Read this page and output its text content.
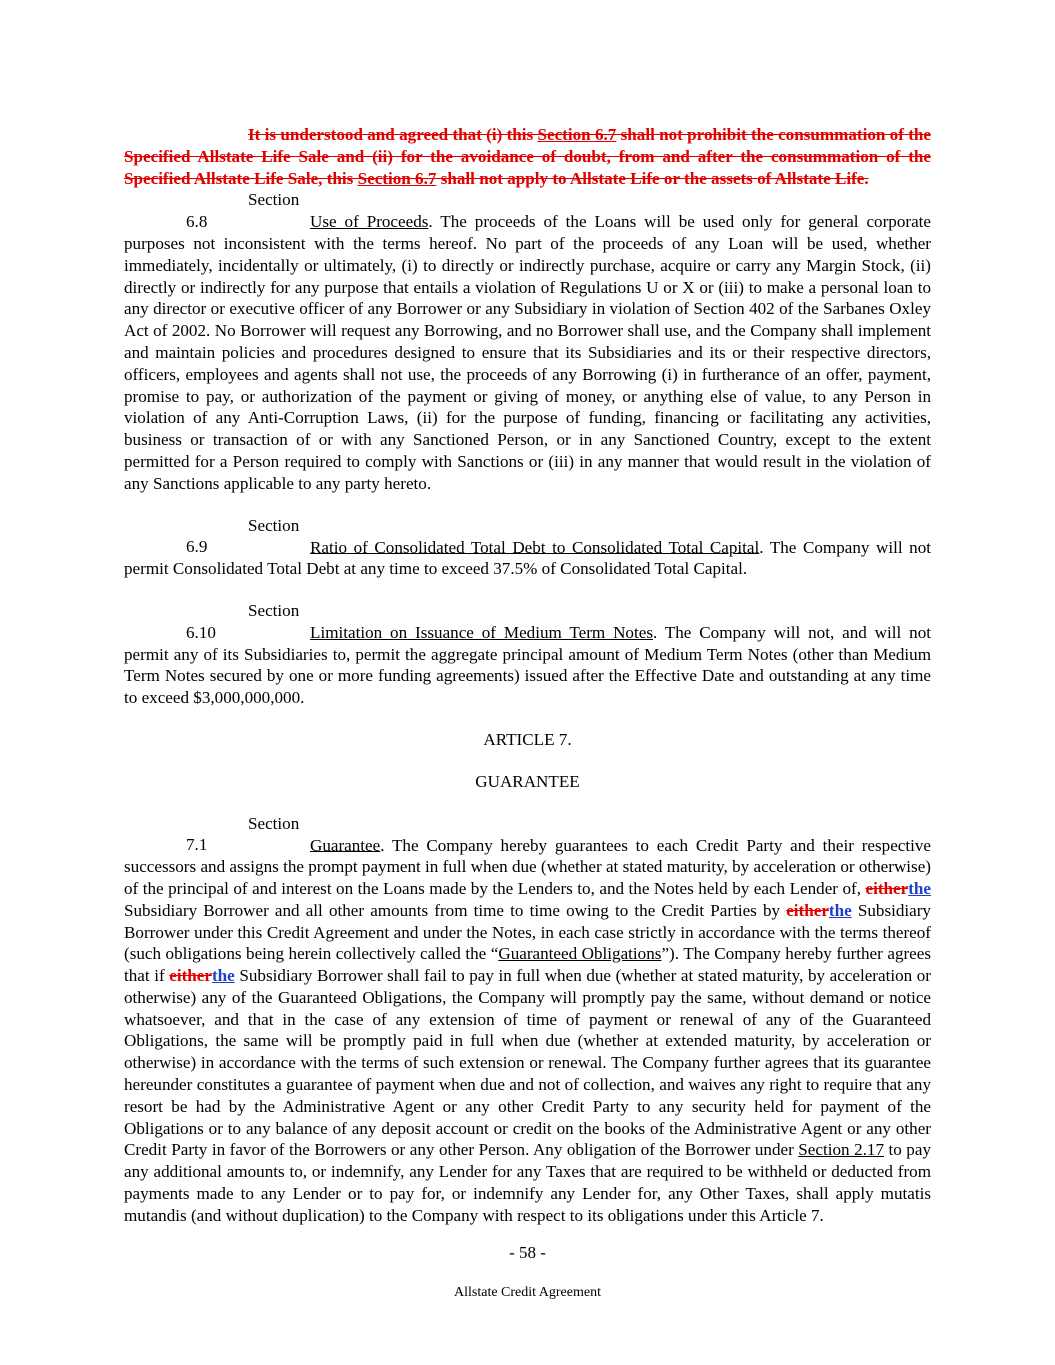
It is understood and agreed that (i) this Section 6.7 shall not prohibit the consummation of the Specified Allstate Life Sale and (ii) for the avoidance of doubt, from and after the consummation of the Specified Allstate Life Sale, this Section 6.7 shall not apply to Allstate Life or the assets of Allstate Life.

Section 6.8	Use of Proceeds. The proceeds of the Loans will be used only for general corporate purposes not inconsistent with the terms hereof. No part of the proceeds of any Loan will be used, whether immediately, incidentally or ultimately, (i) to directly or indirectly purchase, acquire or carry any Margin Stock, (ii) directly or indirectly for any purpose that entails a violation of Regulations U or X or (iii) to make a personal loan to any director or executive officer of any Borrower or any Subsidiary in violation of Section 402 of the Sarbanes Oxley Act of 2002. No Borrower will request any Borrowing, and no Borrower shall use, and the Company shall implement and maintain policies and procedures designed to ensure that its Subsidiaries and its or their respective directors, officers, employees and agents shall not use, the proceeds of any Borrowing (i) in furtherance of an offer, payment, promise to pay, or authorization of the payment or giving of money, or anything else of value, to any Person in violation of any Anti-Corruption Laws, (ii) for the purpose of funding, financing or facilitating any activities, business or transaction of or with any Sanctioned Person, or in any Sanctioned Country, except to the extent permitted for a Person required to comply with Sanctions or (iii) in any manner that would result in the violation of any Sanctions applicable to any party hereto.

Section 6.9	Ratio of Consolidated Total Debt to Consolidated Total Capital. The Company will not permit Consolidated Total Debt at any time to exceed 37.5% of Consolidated Total Capital.

Section 6.10	Limitation on Issuance of Medium Term Notes. The Company will not, and will not permit any of its Subsidiaries to, permit the aggregate principal amount of Medium Term Notes (other than Medium Term Notes secured by one or more funding agreements) issued after the Effective Date and outstanding at any time to exceed $3,000,000,000.

ARTICLE 7.

GUARANTEE

Section 7.1	Guarantee. The Company hereby guarantees to each Credit Party and their respective successors and assigns the prompt payment in full when due (whether at stated maturity, by acceleration or otherwise) of the principal of and interest on the Loans made by the Lenders to, and the Notes held by each Lender of, eitherthe Subsidiary Borrower and all other amounts from time to time owing to the Credit Parties by eitherthe Subsidiary Borrower under this Credit Agreement and under the Notes, in each case strictly in accordance with the terms thereof (such obligations being herein collectively called the “Guaranteed Obligations”). The Company hereby further agrees that if eitherthe Subsidiary Borrower shall fail to pay in full when due (whether at stated maturity, by acceleration or otherwise) any of the Guaranteed Obligations, the Company will promptly pay the same, without demand or notice whatsoever, and that in the case of any extension of time of payment or renewal of any of the Guaranteed Obligations, the same will be promptly paid in full when due (whether at extended maturity, by acceleration or otherwise) in accordance with the terms of such extension or renewal. The Company further agrees that its guarantee hereunder constitutes a guarantee of payment when due and not of collection, and waives any right to require that any resort be had by the Administrative Agent or any other Credit Party to any security held for payment of the Obligations or to any balance of any deposit account or credit on the books of the Administrative Agent or any other Credit Party in favor of the Borrowers or any other Person. Any obligation of the Borrower under Section 2.17 to pay any additional amounts to, or indemnify, any Lender for any Taxes that are required to be withheld or deducted from payments made to any Lender or to pay for, or indemnify any Lender for, any Other Taxes, shall apply mutatis mutandis (and without duplication) to the Company with respect to its obligations under this Article 7.

- 58 -
Allstate Credit Agreement
